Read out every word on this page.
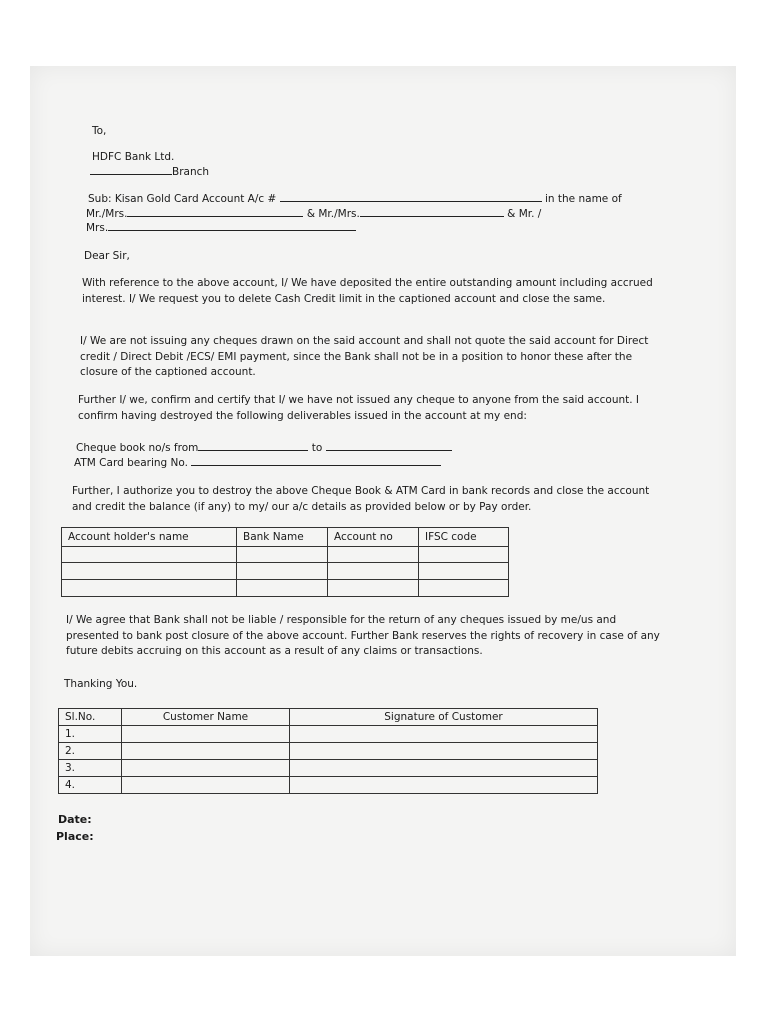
To,
HDFC Bank Ltd.
Branch
Sub: Kisan Gold Card Account A/c #	in the name of
Mr./Mrs.	& Mr./Mrs.	& Mr. /
Mrs.
Dear Sir,
With reference to the above account, I/ We have deposited the entire outstanding amount including accrued interest. I/ We request you to delete Cash Credit limit in the captioned account and close the same.
I/ We are not issuing any cheques drawn on the said account and shall not quote the said account for Direct credit / Direct Debit /ECS/ EMI payment, since the Bank shall not be in a position to honor these after the closure of the captioned account.
Further I/ we, confirm and certify that I/ we have not issued any cheque to anyone from the said account. I confirm having destroyed the following deliverables issued in the account at my end:
Cheque book no/s from	to
ATM Card bearing No.
Further, I authorize you to destroy the above Cheque Book & ATM Card in bank records and close the account and credit the balance (if any) to my/ our a/c details as provided below or by Pay order.
Account holder's name	Bank Name	Account no	IFSC code

I/ We agree that Bank shall not be liable / responsible for the return of any cheques issued by me/us and presented to bank post closure of the above account. Further Bank reserves the rights of recovery in case of any future debits accruing on this account as a result of any claims or transactions.
Thanking You.
Sl.No.	Customer Name	Signature of Customer
1.		
2.		
3.		
4.		
Date:
Place:
